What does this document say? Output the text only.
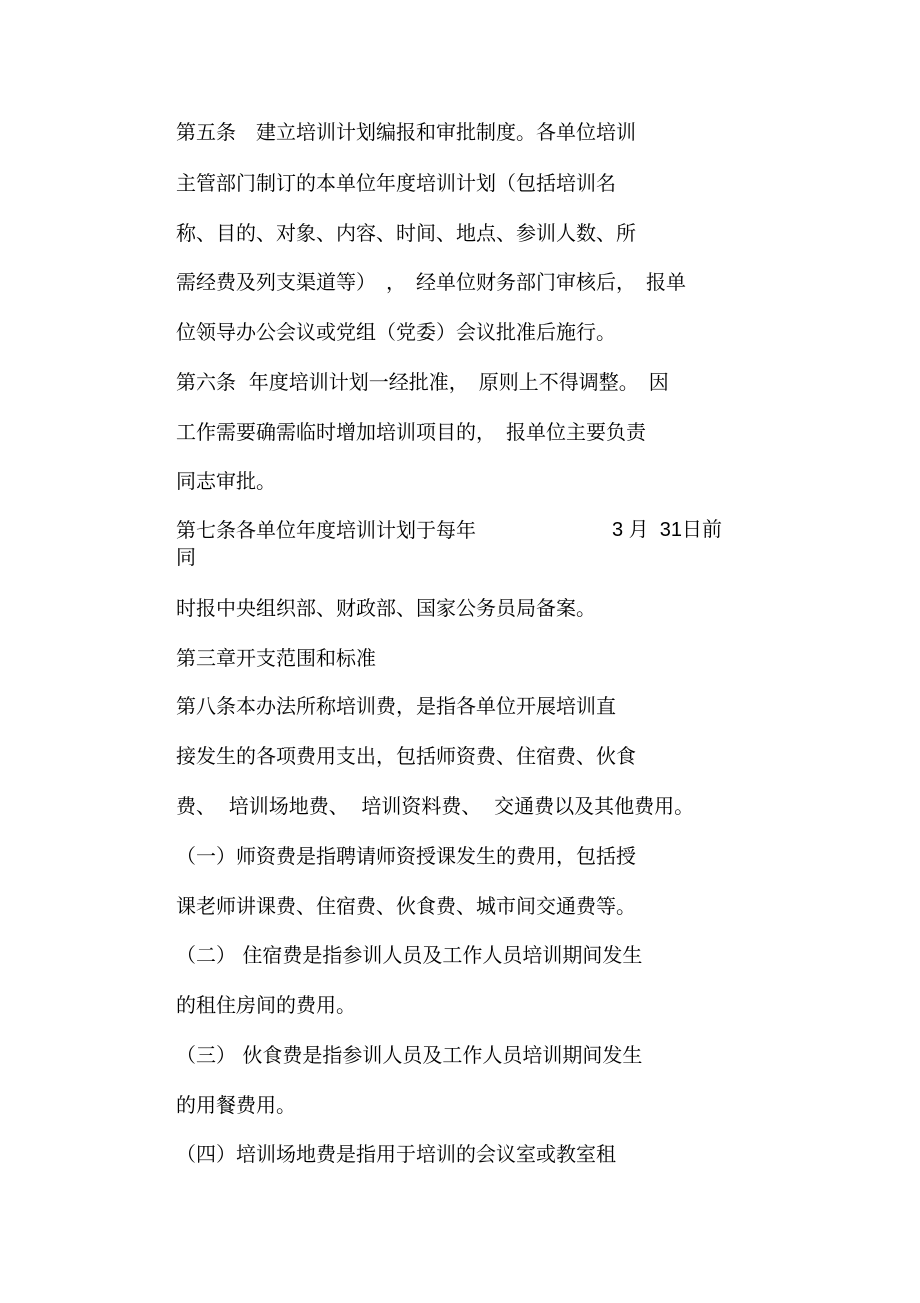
第五条　建立培训计划编报和审批制度。各单位培训
主管部门制订的本单位年度培训计划（包括培训名
称、目的、对象、内容、时间、地点、参训人数、所
需经费及列支渠道等）　，　经单位财务部门审核后，　报单
位领导办公会议或党组（党委）会议批准后施行。
第六条  年度培训计划一经批准，　原则上不得调整。　因
工作需要确需临时增加培训项目的，　报单位主要负责
同志审批。
第七条各单位年度培训计划于每年	3 月  31日前
同
时报中央组织部、财政部、国家公务员局备案。
第三章开支范围和标准
第八条本办法所称培训费，是指各单位开展培训直
接发生的各项费用支出，包括师资费、住宿费、伙食
费、  培训场地费、  培训资料费、  交通费以及其他费用。
（一）师资费是指聘请师资授课发生的费用，包括授
课老师讲课费、住宿费、伙食费、城市间交通费等。
（二） 住宿费是指参训人员及工作人员培训期间发生
的租住房间的费用。
（三） 伙食费是指参训人员及工作人员培训期间发生
的用餐费用。
（四）培训场地费是指用于培训的会议室或教室租
